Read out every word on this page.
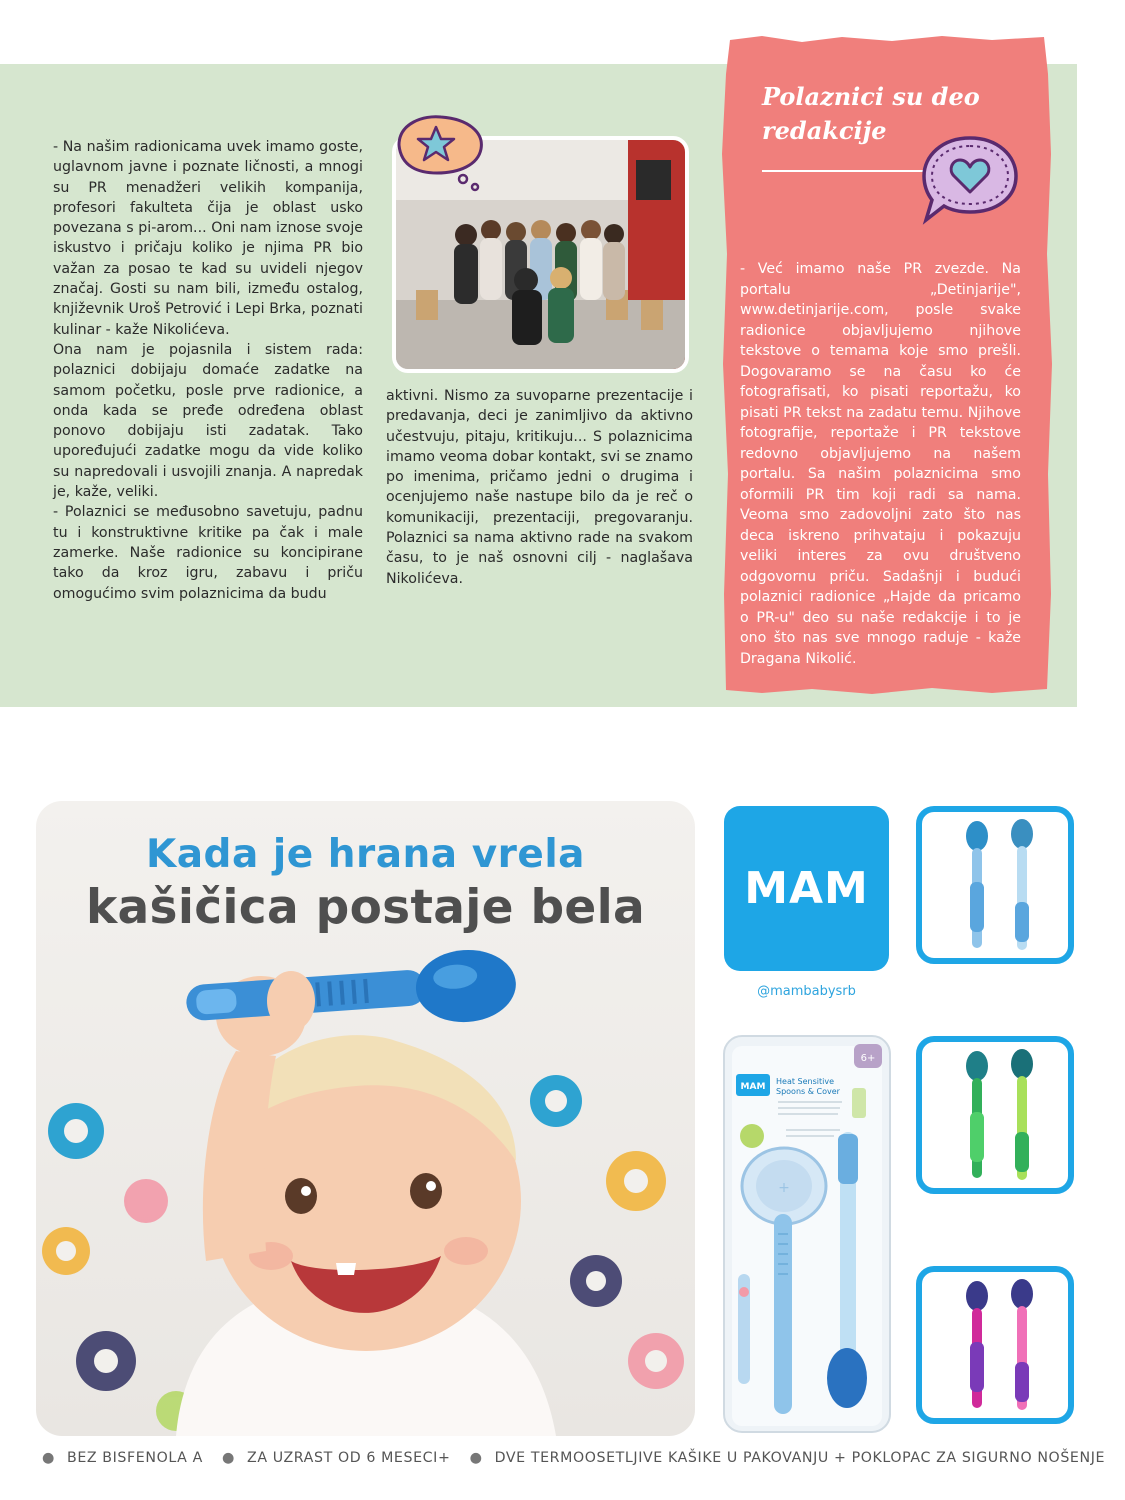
- Na našim radionicama uvek imamo goste, uglavnom javne i poznate ličnosti, a mnogi su PR menadžeri velikih kompanija, profesori fakulteta čija je oblast usko povezana s pi-arom... Oni nam iznose svoje iskustvo i pričaju koliko je njima PR bio važan za posao te kad su uvideli njegov značaj. Gosti su nam bili, između ostalog, književnik Uroš Petrović i Lepi Brka, poznati kulinar - kaže Nikolićeva.

Ona nam je pojasnila i sistem rada: polaznici dobijaju domaće zadatke na samom početku, posle prve radionice, a onda kada se pređe određena oblast ponovo dobijaju isti zadatak. Tako upoređujući zadatke mogu da vide koliko su napredovali i usvojili znanja. A napredak je, kaže, veliki.

- Polaznici se međusobno savetuju, padnu tu i konstruktivne kritike pa čak i male zamerke. Naše radionice su koncipirane tako da kroz igru, zabavu i priču omogućimo svim polaznicima da budu

aktivni. Nismo za suvoparne prezentacije i predavanja, deci je zanimljivo da aktivno učestvuju, pitaju, kritikuju... S polaznicima imamo veoma dobar kontakt, svi se znamo po imenima, pričamo jedni o drugima i ocenjujemo naše nastupe bilo da je reč o komunikaciji, prezentaciji, pregovaranju. Polaznici sa nama aktivno rade na svakom času, to je naš osnovni cilj - naglašava Nikolićeva.

Polaznici su deo redakcije

- Već imamo naše PR zvezde. Na portalu „Detinjarije", www.detinjarije.com, posle svake radionice objavljujemo njihove tekstove o temama koje smo prešli. Dogovaramo se na času ko će fotografisati, ko pisati reportažu, ko pisati PR tekst na zadatu temu. Njihove fotografije, reportaže i PR tekstove redovno objavljujemo na našem portalu. Sa našim polaznicima smo oformili PR tim koji radi sa nama. Veoma smo zadovoljni zato što nas deca iskreno prihvataju i pokazuju veliki interes za ovu društveno odgovornu priču. Sadašnji i budući polaznici radionice „Hajde da pricamo o PR-u" deo su naše redakcije i to je ono što nas sve mnogo raduje - kaže Dragana Nikolić.

Kada je hrana vrela
kašičica postaje bela	MAM
@mambabysrb
MAM
Heat Sensitive
Spoons & Cover
6+
+

● BEZ BISFENOLA A ● ZA UZRAST OD 6 MESECI+ ● DVE TERMOOSETLJIVE KAŠIKE U PAKOVANJU + POKLOPAC ZA SIGURNO NOŠENJE
